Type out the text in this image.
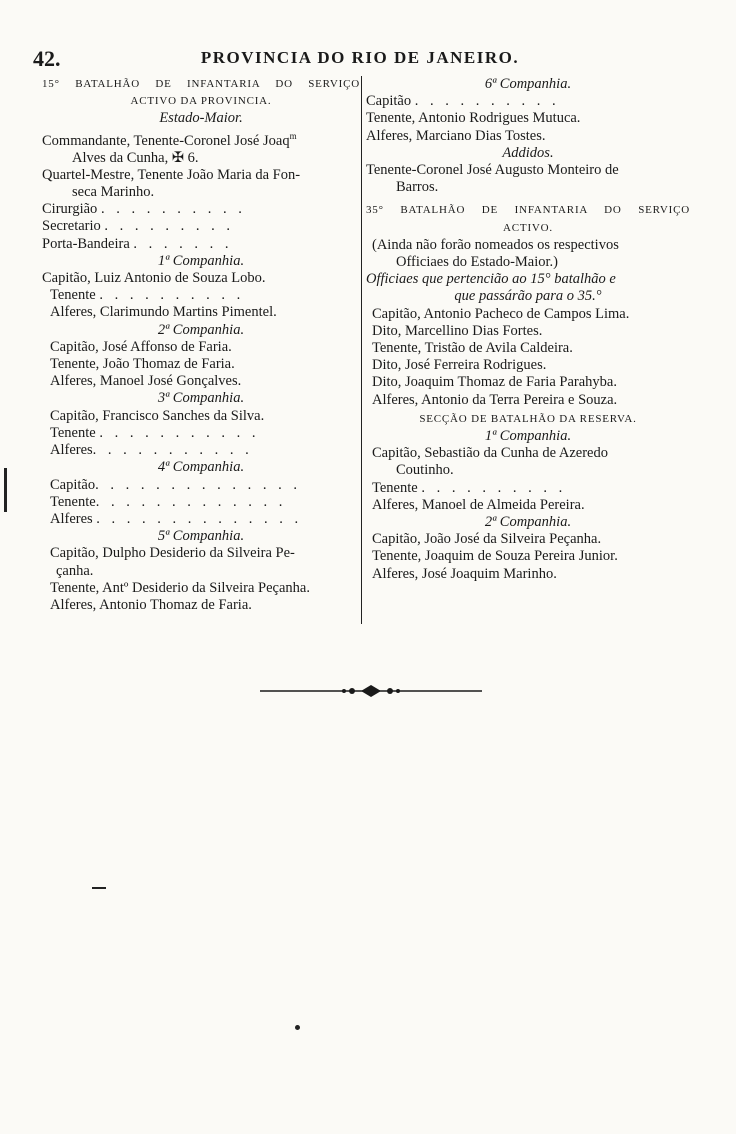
42.	PROVINCIA DO RIO DE JANEIRO.
15° BATALHÃO DE INFANTARIA DO SERVIÇO
ACTIVO DA PROVINCIA.
Estado-Maior.
Commandante, Tenente-Coronel José Joaq$^m$
Alves da Cunha, ✠ 6.
Quartel-Mestre, Tenente João Maria da Fon-
seca Marinho.
Cirurgião . . . . . . . . . .
Secretario . . . . . . . . .
Porta-Bandeira . . . . . . .
1ª Companhia.
Capitão, Luiz Antonio de Souza Lobo.
Tenente . . . . . . . . . .
Alferes, Clarimundo Martins Pimentel.
2ª Companhia.
Capitão, José Affonso de Faria.
Tenente, João Thomaz de Faria.
Alferes, Manoel José Gonçalves.
3ª Companhia.
Capitão, Francisco Sanches da Silva.
Tenente . . . . . . . . . . .
Alferes. . . . . . . . . . .
4ª Companhia.
Capitão. . . . . . . . . . . . . .
Tenente. . . . . . . . . . . . .
Alferes . . . . . . . . . . . . . .
5ª Companhia.
Capitão, Dulpho Desiderio da Silveira Pe-
çanha.
Tenente, Antº Desiderio da Silveira Peçanha.
Alferes, Antonio Thomaz de Faria.
6ª Companhia.
Capitão . . . . . . . . . .
Tenente, Antonio Rodrigues Mutuca.
Alferes, Marciano Dias Tostes.
Addidos.
Tenente-Coronel José Augusto Monteiro de
Barros.
35° BATALHÃO DE INFANTARIA DO SERVIÇO
ACTIVO.
(Ainda não forão nomeados os respectivos
Officiaes do Estado-Maior.)
Officiaes que pertencião ao 15° batalhão e
que passárão para o 35.°
Capitão, Antonio Pacheco de Campos Lima.
Dito, Marcellino Dias Fortes.
Tenente, Tristão de Avila Caldeira.
Dito, José Ferreira Rodrigues.
Dito, Joaquim Thomaz de Faria Parahyba.
Alferes, Antonio da Terra Pereira e Souza.
SECÇÃO DE BATALHÃO DA RESERVA.
1ª Companhia.
Capitão, Sebastião da Cunha de Azeredo
Coutinho.
Tenente . . . . . . . . . .
Alferes, Manoel de Almeida Pereira.
2ª Companhia.
Capitão, João José da Silveira Peçanha.
Tenente, Joaquim de Souza Pereira Junior.
Alferes, José Joaquim Marinho.
